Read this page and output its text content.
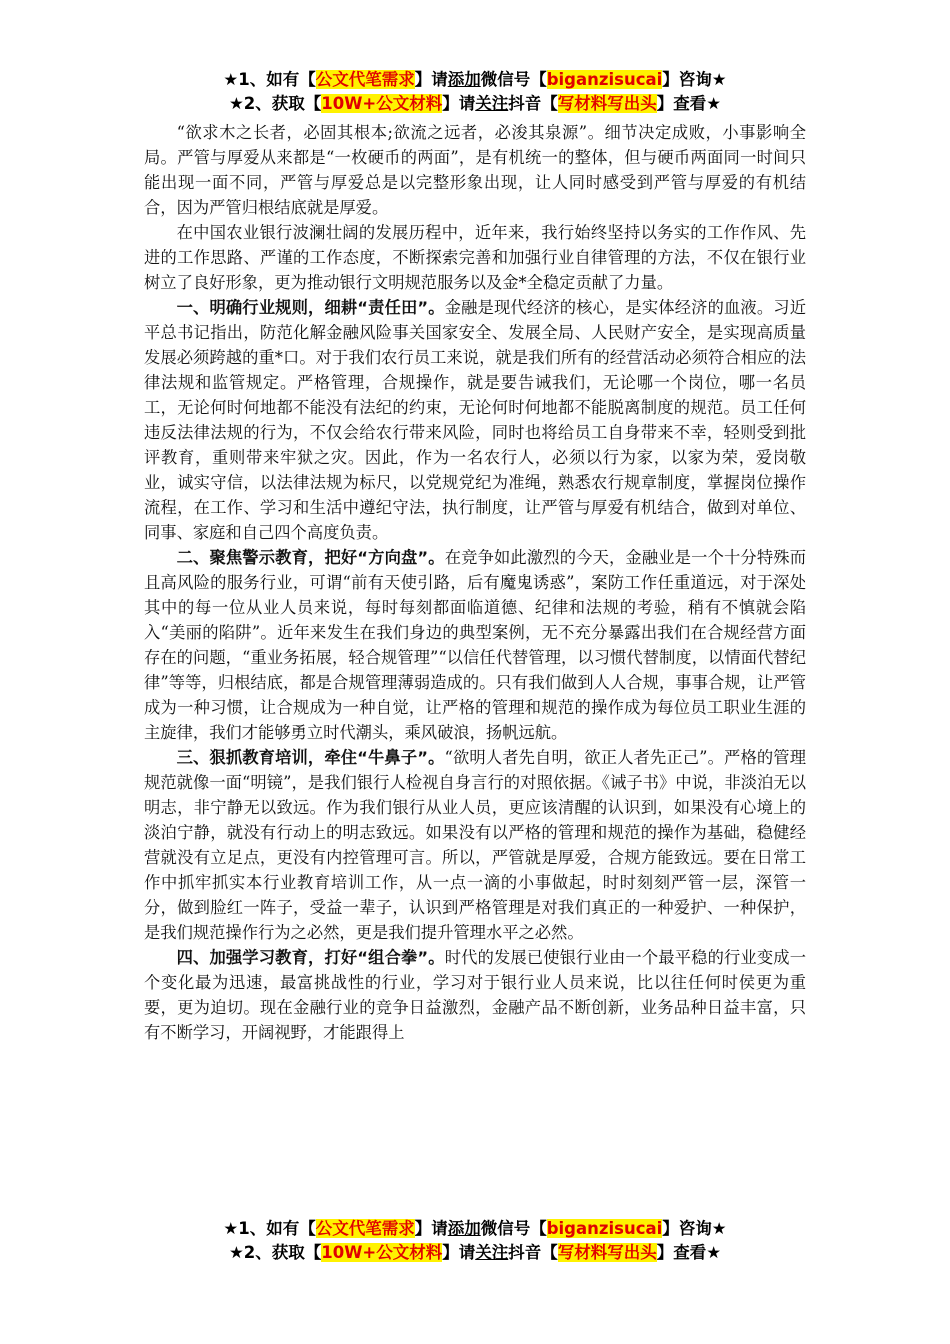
★1、如有【公文代笔需求】请添加微信号【biganzisucai】咨询★
★2、获取【10W+公文材料】请关注抖音【写材料写出头】查看★

“欲求木之长者，必固其根本;欲流之远者，必浚其泉源”。细节决定成败，小事影响全局。严管与厚爱从来都是“一枚硬币的两面”，是有机统一的整体，但与硬币两面同一时间只能出现一面不同，严管与厚爱总是以完整形象出现，让人同时感受到严管与厚爱的有机结合，因为严管归根结底就是厚爱。

在中国农业银行波澜壮阔的发展历程中，近年来，我行始终坚持以务实的工作作风、先进的工作思路、严谨的工作态度，不断探索完善和加强行业自律管理的方法，不仅在银行业树立了良好形象，更为推动银行文明规范服务以及金*全稳定贡献了力量。

一、明确行业规则，细耕“责任田”。金融是现代经济的核心，是实体经济的血液。习近平总书记指出，防范化解金融风险事关国家安全、发展全局、人民财产安全，是实现高质量发展必须跨越的重*口。对于我们农行员工来说，就是我们所有的经营活动必须符合相应的法律法规和监管规定。严格管理，合规操作，就是要告诫我们，无论哪一个岗位，哪一名员工，无论何时何地都不能没有法纪的约束，无论何时何地都不能脱离制度的规范。员工任何违反法律法规的行为，不仅会给农行带来风险，同时也将给员工自身带来不幸，轻则受到批评教育，重则带来牢狱之灾。因此，作为一名农行人，必须以行为家，以家为荣，爱岗敬业，诚实守信，以法律法规为标尺，以党规党纪为准绳，熟悉农行规章制度，掌握岗位操作流程，在工作、学习和生活中遵纪守法，执行制度，让严管与厚爱有机结合，做到对单位、同事、家庭和自己四个高度负责。

二、聚焦警示教育，把好“方向盘”。在竞争如此激烈的今天，金融业是一个十分特殊而且高风险的服务行业，可谓“前有天使引路，后有魔鬼诱惑”，案防工作任重道远，对于深处其中的每一位从业人员来说，每时每刻都面临道德、纪律和法规的考验，稍有不慎就会陷入“美丽的陷阱”。近年来发生在我们身边的典型案例，无不充分暴露出我们在合规经营方面存在的问题，“重业务拓展，轻合规管理”“以信任代替管理，以习惯代替制度，以情面代替纪律”等等，归根结底，都是合规管理薄弱造成的。只有我们做到人人合规，事事合规，让严管成为一种习惯，让合规成为一种自觉，让严格的管理和规范的操作成为每位员工职业生涯的主旋律，我们才能够勇立时代潮头，乘风破浪，扬帆远航。

三、狠抓教育培训，牵住“牛鼻子”。“欲明人者先自明，欲正人者先正己”。严格的管理规范就像一面“明镜”，是我们银行人检视自身言行的对照依据。《诫子书》中说，非淡泊无以明志，非宁静无以致远。作为我们银行从业人员，更应该清醒的认识到，如果没有心境上的淡泊宁静，就没有行动上的明志致远。如果没有以严格的管理和规范的操作为基础，稳健经营就没有立足点，更没有内控管理可言。所以，严管就是厚爱，合规方能致远。要在日常工作中抓牢抓实本行业教育培训工作，从一点一滴的小事做起，时时刻刻严管一层，深管一分，做到脸红一阵子，受益一辈子，认识到严格管理是对我们真正的一种爱护、一种保护，是我们规范操作行为之必然，更是我们提升管理水平之必然。

四、加强学习教育，打好“组合拳”。时代的发展已使银行业由一个最平稳的行业变成一个变化最为迅速，最富挑战性的行业，学习对于银行业人员来说，比以往任何时侯更为重要，更为迫切。现在金融行业的竞争日益激烈，金融产品不断创新，业务品种日益丰富，只有不断学习，开阔视野，才能跟得上

★1、如有【公文代笔需求】请添加微信号【biganzisucai】咨询★
★2、获取【10W+公文材料】请关注抖音【写材料写出头】查看★
